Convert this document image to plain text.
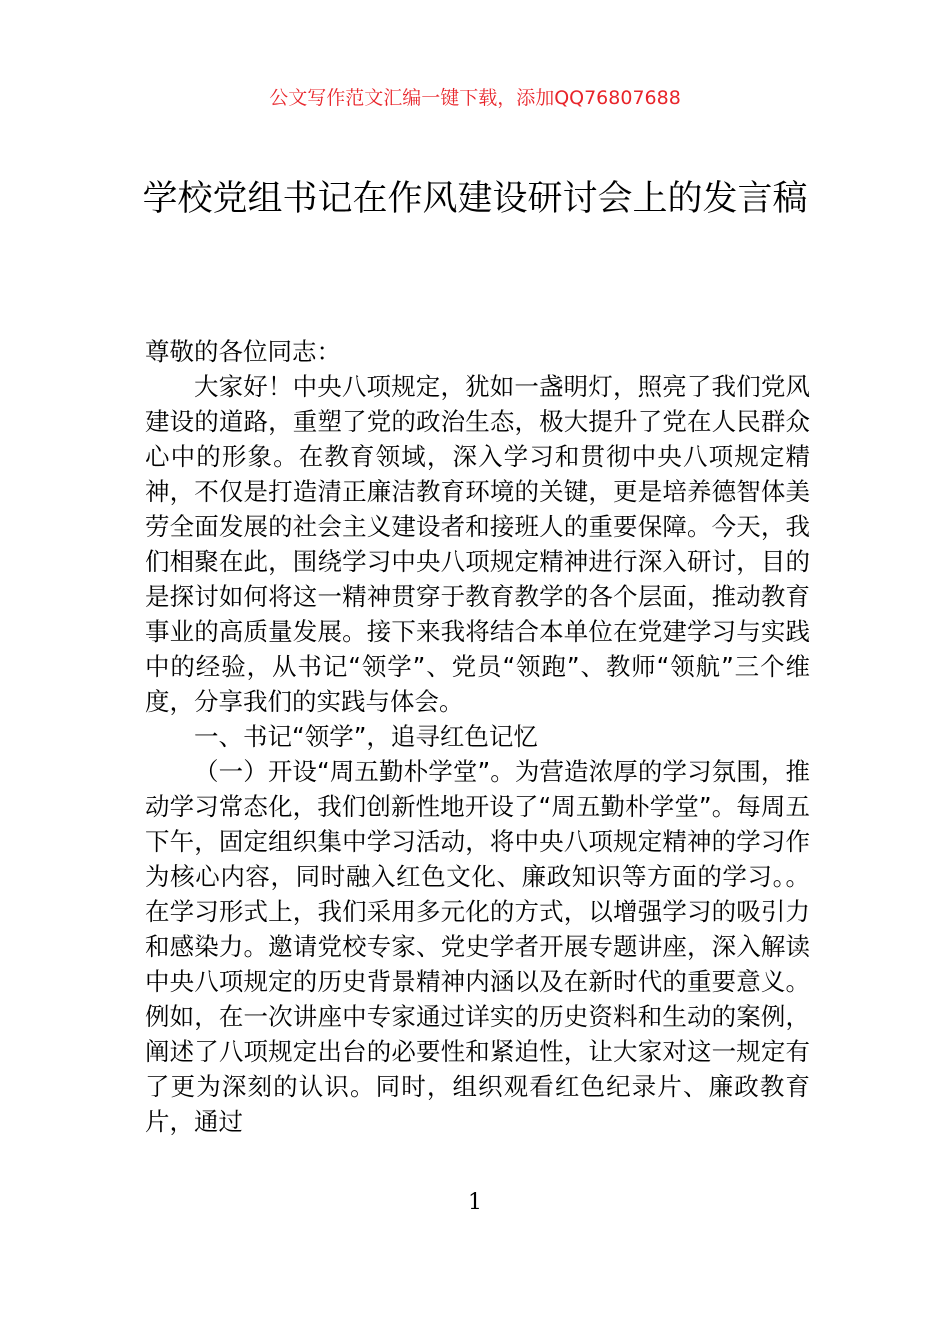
公文写作范文汇编一键下载，添加QQ76807688
学校党组书记在作风建设研讨会上的发言稿

尊敬的各位同志：

大家好！中央八项规定，犹如一盏明灯，照亮了我们党风建设的道路，重塑了党的政治生态，极大提升了党在人民群众心中的形象。在教育领域，深入学习和贯彻中央八项规定精神，不仅是打造清正廉洁教育环境的关键，更是培养德智体美劳全面发展的社会主义建设者和接班人的重要保障。今天，我们相聚在此，围绕学习中央八项规定精神进行深入研讨，目的是探讨如何将这一精神贯穿于教育教学的各个层面，推动教育事业的高质量发展。接下来我将结合本单位在党建学习与实践中的经验，从书记“领学”、党员“领跑”、教师“领航”三个维度，分享我们的实践与体会。

一、书记“领学”，追寻红色记忆

（一）开设“周五勤朴学堂”。为营造浓厚的学习氛围，推动学习常态化，我们创新性地开设了“周五勤朴学堂”。每周五下午，固定组织集中学习活动，将中央八项规定精神的学习作为核心内容，同时融入红色文化、廉政知识等方面的学习。。在学习形式上，我们采用多元化的方式，以增强学习的吸引力和感染力。邀请党校专家、党史学者开展专题讲座，深入解读中央八项规定的历史背景精神内涵以及在新时代的重要意义。例如，在一次讲座中专家通过详实的历史资料和生动的案例，阐述了八项规定出台的必要性和紧迫性，让大家对这一规定有了更为深刻的认识。同时，组织观看红色纪录片、廉政教育片，通过

1
